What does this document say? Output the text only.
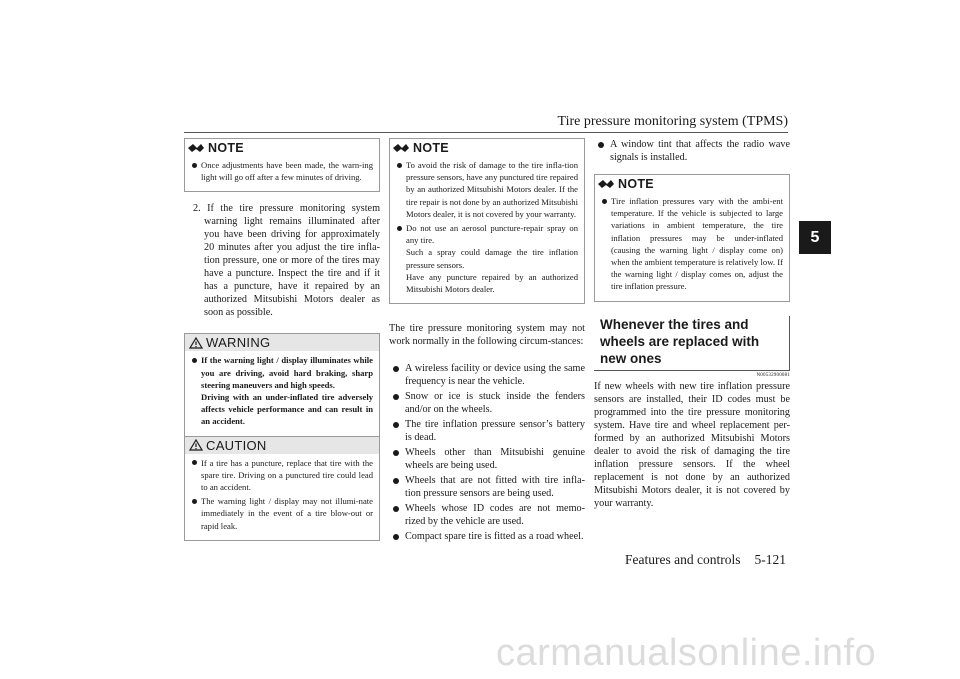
Tire pressure monitoring system (TPMS)
5
Features and controls 5-121
NOTE
Once adjustments have been made, the warn-ing light will go off after a few minutes of driving.

2. If the tire pressure monitoring system warning light remains illuminated after you have been driving for approximately 20 minutes after you adjust the tire infla-tion pressure, one or more of the tires may have a puncture. Inspect the tire and if it has a puncture, have it repaired by an authorized Mitsubishi Motors dealer as soon as possible.

WARNING
If the warning light / display illuminates while you are driving, avoid hard braking, sharp steering maneuvers and high speeds.
Driving with an under-inflated tire adversely affects vehicle performance and can result in an accident.
CAUTION
If a tire has a puncture, replace that tire with the spare tire. Driving on a punctured tire could lead to an accident.
The warning light / display may not illumi-nate immediately in the event of a tire blow-out or rapid leak.
NOTE
To avoid the risk of damage to the tire infla-tion pressure sensors, have any punctured tire repaired by an authorized Mitsubishi Motors dealer. If the tire repair is not done by an authorized Mitsubishi Motors dealer, it is not covered by your warranty.
Do not use an aerosol puncture-repair spray on any tire.
Such a spray could damage the tire inflation pressure sensors.
Have any puncture repaired by an authorized Mitsubishi Motors dealer.

The tire pressure monitoring system may not work normally in the following circum-stances:

A wireless facility or device using the same frequency is near the vehicle.

Snow or ice is stuck inside the fenders and/or on the wheels.

The tire inflation pressure sensor’s battery is dead.

Wheels other than Mitsubishi genuine wheels are being used.

Wheels that are not fitted with tire infla-tion pressure sensors are being used.

Wheels whose ID codes are not memo-rized by the vehicle are used.

Compact spare tire is fitted as a road wheel.

A window tint that affects the radio wave signals is installed.

NOTE
Tire inflation pressures vary with the ambi-ent temperature. If the vehicle is subjected to large variations in ambient temperature, the tire inflation pressures may be under-inflated (causing the warning light / display come on) when the ambient temperature is relatively low. If the warning light / display comes on, adjust the tire inflation pressure.
Whenever the tires and wheels are replaced with new ones
N00532900081

If new wheels with new tire inflation pressure sensors are installed, their ID codes must be programmed into the tire pressure monitoring system. Have tire and wheel replacement per-formed by an authorized Mitsubishi Motors dealer to avoid the risk of damaging the tire inflation pressure sensors. If the wheel replacement is not done by an authorized Mitsubishi Motors dealer, it is not covered by your warranty.

carmanualsonline.info
